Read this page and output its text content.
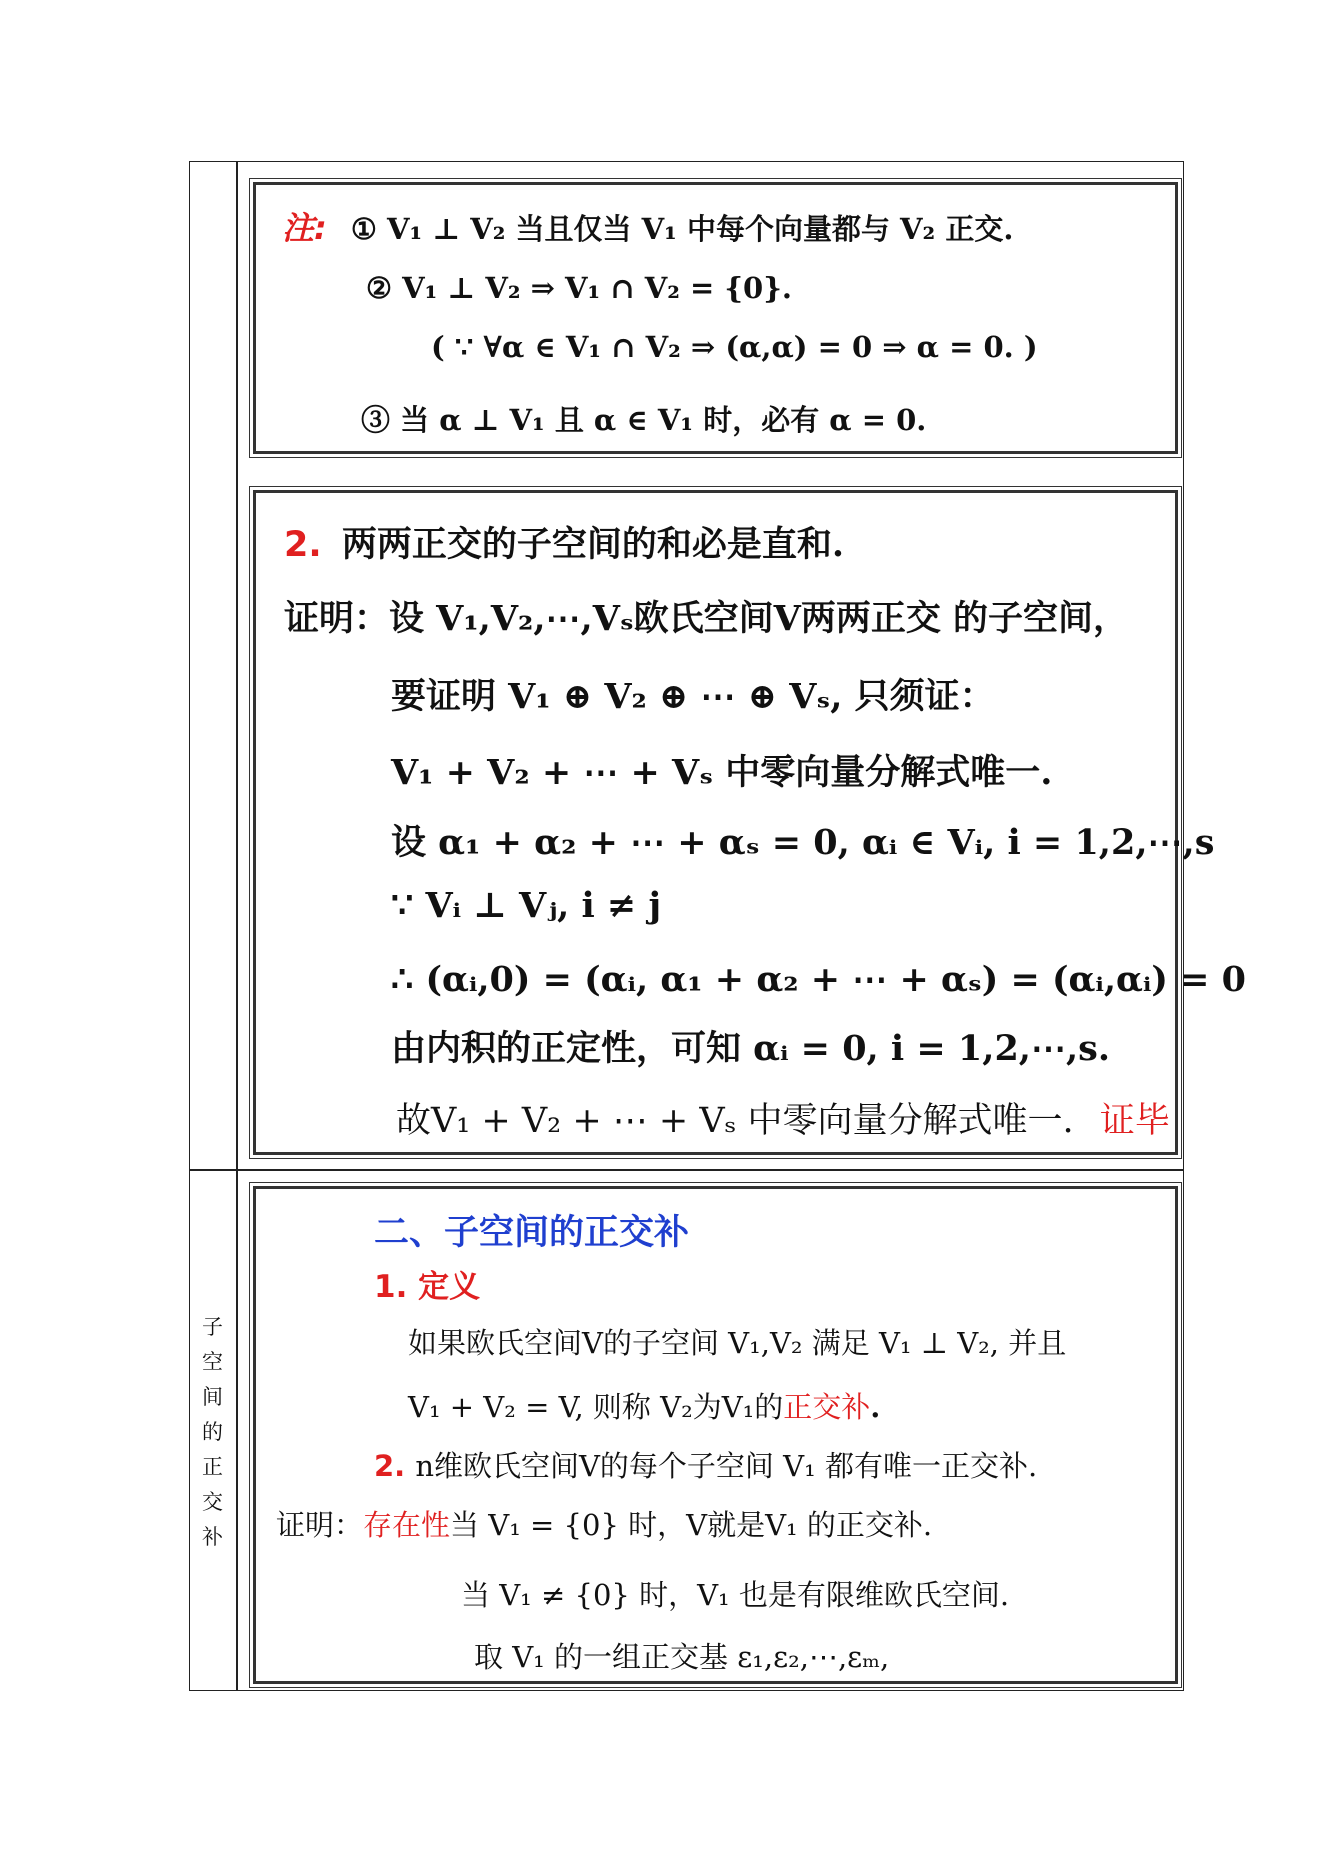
子
空
间
的
正
交
补
注: ① V₁ ⊥ V₂ 当且仅当 V₁ 中每个向量都与 V₂ 正交.
② V₁ ⊥ V₂ ⇒ V₁ ∩ V₂ = {0}.
( ∵ ∀α ∈ V₁ ∩ V₂ ⇒ (α,α) = 0 ⇒ α = 0. )
③ 当 α ⊥ V₁ 且 α ∈ V₁ 时，必有 α = 0.
2. 两两正交的子空间的和必是直和.
证明：设 V₁,V₂,⋯,Vₛ欧氏空间V两两正交 的子空间，
要证明 V₁ ⊕ V₂ ⊕ ⋯ ⊕ Vₛ, 只须证：
V₁ + V₂ + ⋯ + Vₛ 中零向量分解式唯一.
设 α₁ + α₂ + ⋯ + αₛ = 0, αᵢ ∈ Vᵢ, i = 1,2,⋯,s
∵ Vᵢ ⊥ Vⱼ, i ≠ j
∴ (αᵢ,0) = (αᵢ, α₁ + α₂ + ⋯ + αₛ) = (αᵢ,αᵢ) = 0
由内积的正定性，可知 αᵢ = 0, i = 1,2,⋯,s.
故V₁ + V₂ + ⋯ + Vₛ 中零向量分解式唯一. 证毕
二、子空间的正交补
1. 定义
如果欧氏空间V的子空间 V₁,V₂ 满足 V₁ ⊥ V₂, 并且
V₁ + V₂ = V, 则称 V₂为V₁的正交补.
2. n维欧氏空间V的每个子空间 V₁ 都有唯一正交补.
证明：存在性当 V₁ = {0} 时，V就是V₁ 的正交补.
当 V₁ ≠ {0} 时，V₁ 也是有限维欧氏空间.
取 V₁ 的一组正交基 ε₁,ε₂,⋯,εₘ,
